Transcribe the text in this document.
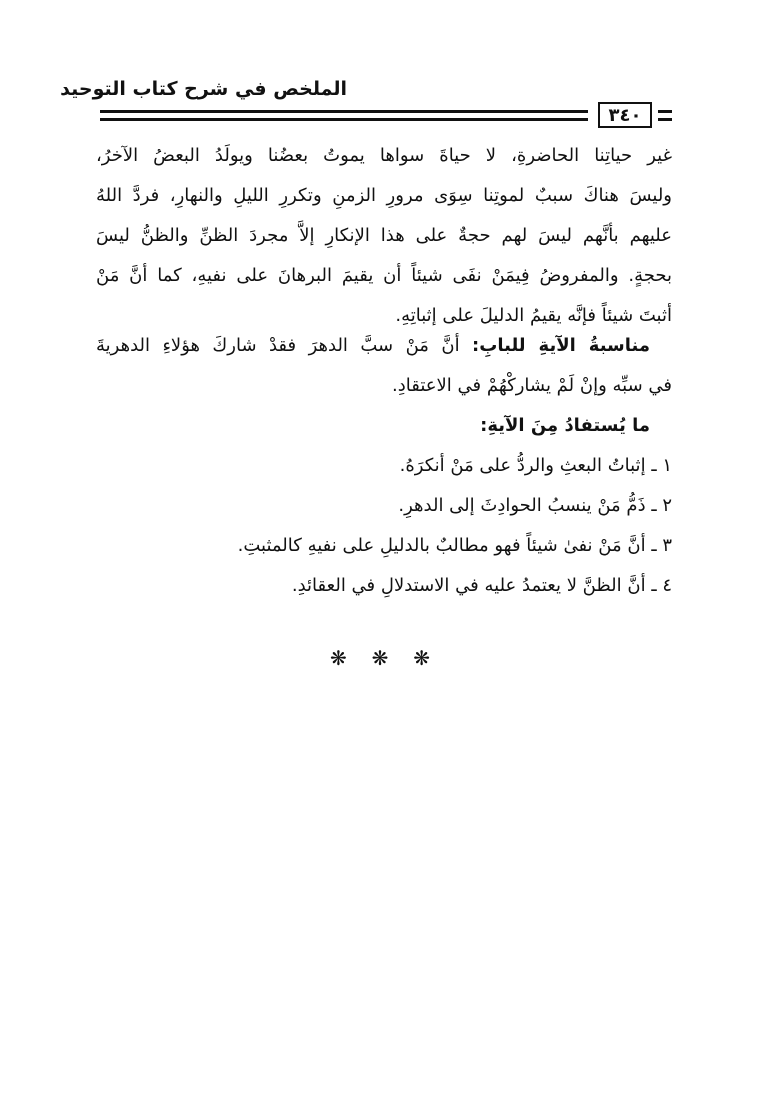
الملخص في شرح كتاب التوحيد
٣٤٠
غير حياتِنا الحاضرةِ، لا حياةَ سواها يموتُ بعضُنا ويولَدُ البعضُ الآخرُ،
وليسَ هناكَ سببٌ لموتِنا سِوَى مرورِ الزمنِ وتكررِ الليلِ والنهارِ، فردَّ اللهُ
عليهم بأنَّهم ليسَ لهم حجةٌ على هذا الإنكارِ إلاَّ مجردَ الظنِّ والظنُّ ليسَ
بحجةٍ. والمفروضُ فِيمَنْ نفَى شيئاً أن يقيمَ البرهانَ على نفيهِ، كما أنَّ مَنْ
أثبتَ شيئاً فإنَّه يقيمُ الدليلَ على إثباتِهِ.
مناسبةُ الآيةِ للبابِ: أنَّ مَنْ سبَّ الدهرَ فقدْ شاركَ هؤلاءِ الدهريةَ
في سبِّه وإنْ لَمْ يشاركْهُمْ في الاعتقادِ.
ما يُستفادُ مِنَ الآيةِ:
١ ـ إثباتُ البعثِ والردُّ على مَنْ أنكرَهُ.
٢ ـ ذَمُّ مَنْ ينسبُ الحوادِثَ إلى الدهرِ.
٣ ـ أنَّ مَنْ نفىٰ شيئاً فهو مطالبٌ بالدليلِ على نفيهِ كالمثبتِ.
٤ ـ أنَّ الظنَّ لا يعتمدُ عليه في الاستدلالِ في العقائدِ.
❋ ❋ ❋
